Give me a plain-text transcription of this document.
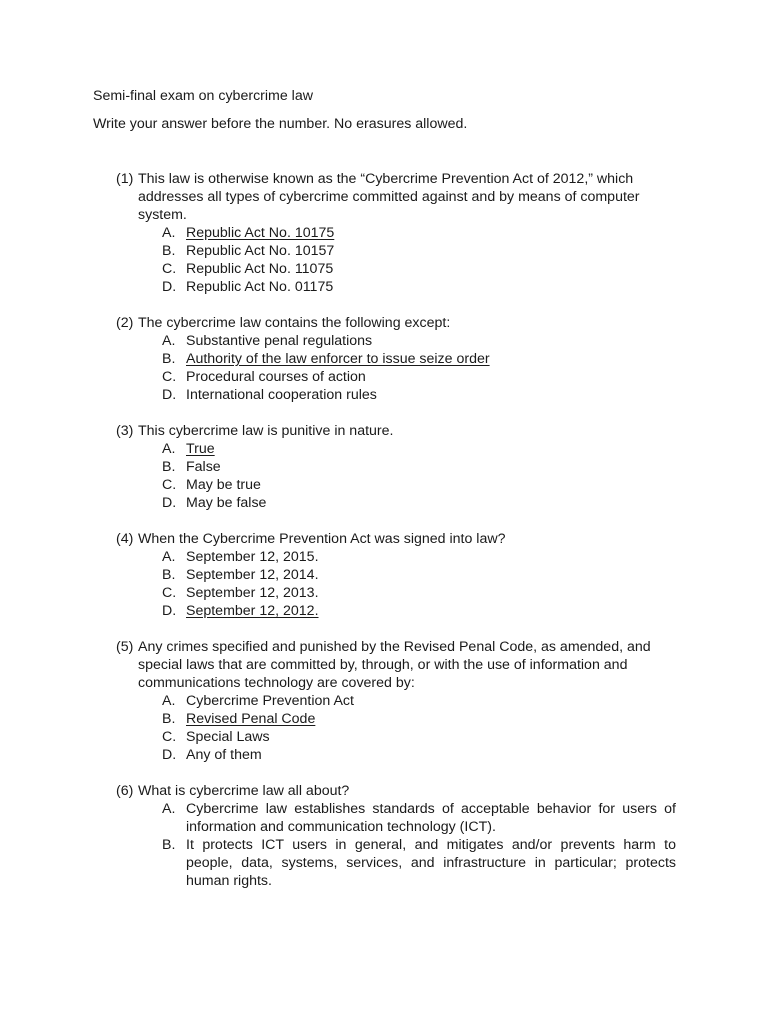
Semi-final exam on cybercrime law
Write your answer before the number. No erasures allowed.
(1) This law is otherwise known as the “Cybercrime Prevention Act of 2012,” which addresses all types of cybercrime committed against and by means of computer system.
A. Republic Act No. 10175
B. Republic Act No. 10157
C. Republic Act No. 11075
D. Republic Act No. 01175
(2) The cybercrime law contains the following except:
A. Substantive penal regulations
B. Authority of the law enforcer to issue seize order
C. Procedural courses of action
D. International cooperation rules
(3) This cybercrime law is punitive in nature.
A. True
B. False
C. May be true
D. May be false
(4) When the Cybercrime Prevention Act was signed into law?
A. September 12, 2015.
B. September 12, 2014.
C. September 12, 2013.
D. September 12, 2012.
(5) Any crimes specified and punished by the Revised Penal Code, as amended, and special laws that are committed by, through, or with the use of information and communications technology are covered by:
A. Cybercrime Prevention Act
B. Revised Penal Code
C. Special Laws
D. Any of them
(6) What is cybercrime law all about?
A. Cybercrime law establishes standards of acceptable behavior for users of information and communication technology (ICT).
B. It protects ICT users in general, and mitigates and/or prevents harm to people, data, systems, services, and infrastructure in particular; protects human rights.
